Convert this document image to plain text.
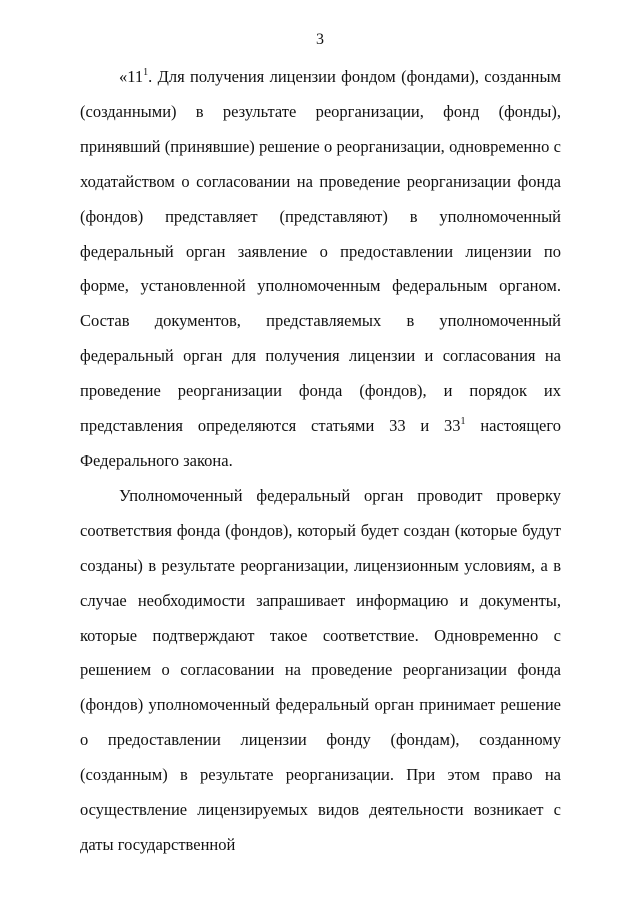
3

«$11^1$. Для получения лицензии фондом (фондами), созданным (созданными) в результате реорганизации, фонд (фонды), принявший (принявшие) решение о реорганизации, одновременно с ходатайством о согласовании на проведение реорганизации фонда (фондов) представляет (представляют) в уполномоченный федеральный орган заявление о предоставлении лицензии по форме, установленной уполномоченным федеральным органом. Состав документов, представляемых в уполномоченный федеральный орган для получения лицензии и согласования на проведение реорганизации фонда (фондов), и порядок их представления определяются статьями 33 и $33^1$ настоящего Федерального закона.

Уполномоченный федеральный орган проводит проверку соответствия фонда (фондов), который будет создан (которые будут созданы) в результате реорганизации, лицензионным условиям, а в случае необходимости запрашивает информацию и документы, которые подтверждают такое соответствие. Одновременно с решением о согласовании на проведение реорганизации фонда (фондов) уполномоченный федеральный орган принимает решение о предоставлении лицензии фонду (фондам), созданному (созданным) в результате реорганизации. При этом право на осуществление лицензируемых видов деятельности возникает с даты государственной
